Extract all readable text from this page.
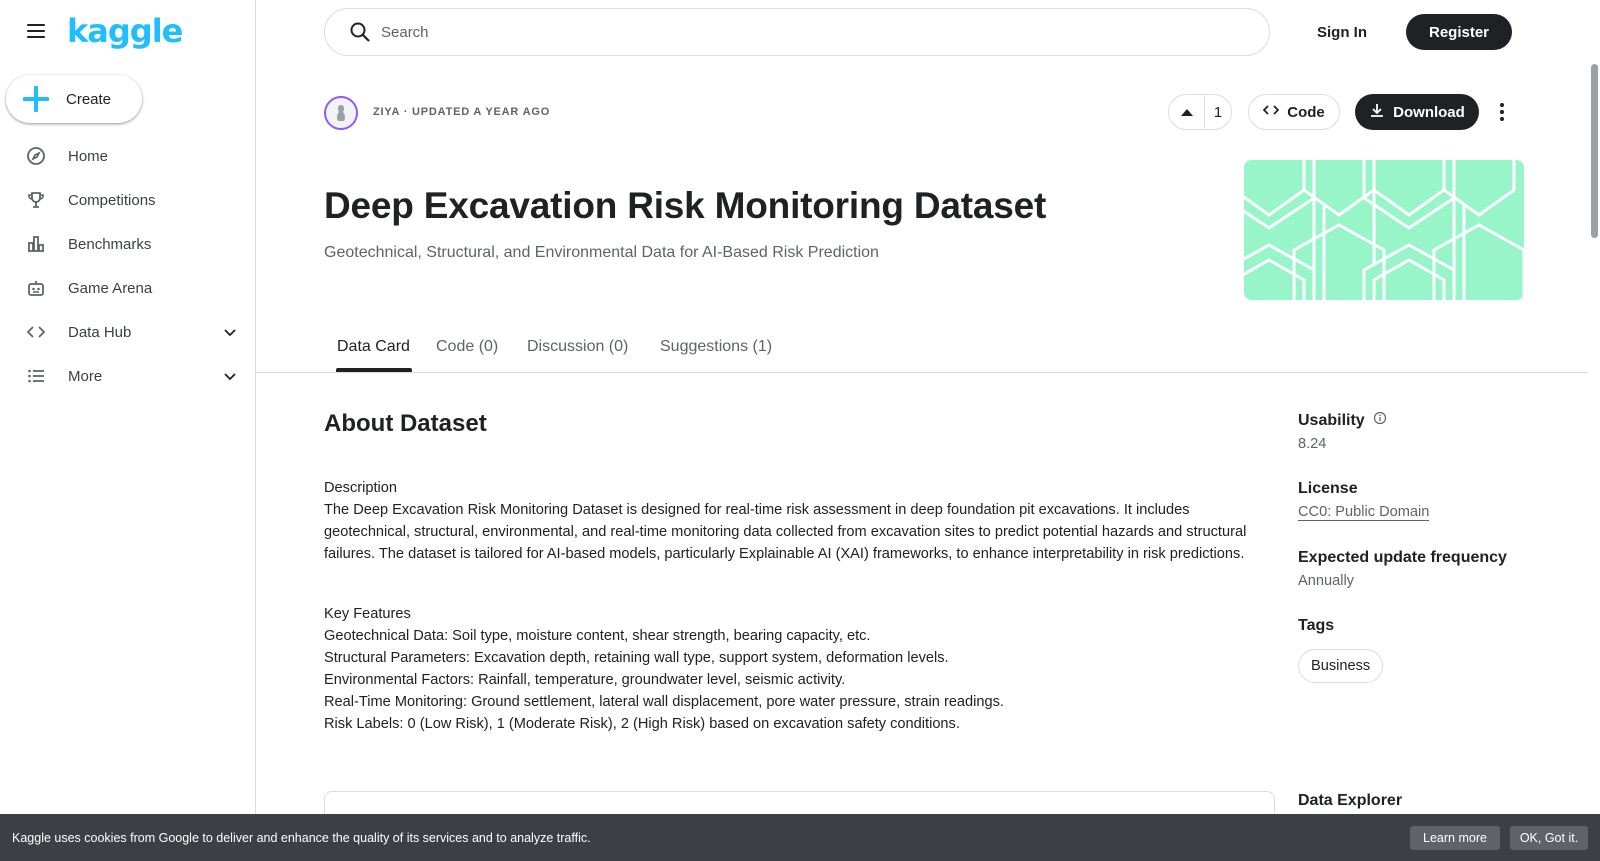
kaggle
Create
Home
Competitions
Benchmarks
Game Arena
Data Hub
More
Search
Sign In	Register
ZIYA · UPDATED A YEAR AGO	1	Code	Download
Deep Excavation Risk Monitoring Dataset
Geotechnical, Structural, and Environmental Data for AI-Based Risk Prediction
Data Card Code (0) Discussion (0) Suggestions (1)
About Dataset
Description

The Deep Excavation Risk Monitoring Dataset is designed for real-time risk assessment in deep foundation pit excavations. It includes geotechnical, structural, environmental, and real-time monitoring data collected from excavation sites to predict potential hazards and structural failures. The dataset is tailored for AI-based models, particularly Explainable AI (XAI) frameworks, to enhance interpretability in risk predictions.

Key Features
Geotechnical Data: Soil type, moisture content, shear strength, bearing capacity, etc.
Structural Parameters: Excavation depth, retaining wall type, support system, deformation levels.
Environmental Factors: Rainfall, temperature, groundwater level, seismic activity.
Real-Time Monitoring: Ground settlement, lateral wall displacement, pore water pressure, strain readings.
Risk Labels: 0 (Low Risk), 1 (Moderate Risk), 2 (High Risk) based on excavation safety conditions.
Usability
8.24
License
CC0: Public Domain
Expected update frequency
Annually
Tags
Business
Data Explorer
Kaggle uses cookies from Google to deliver and enhance the quality of its services and to analyze traffic.	Learn more	OK, Got it.
